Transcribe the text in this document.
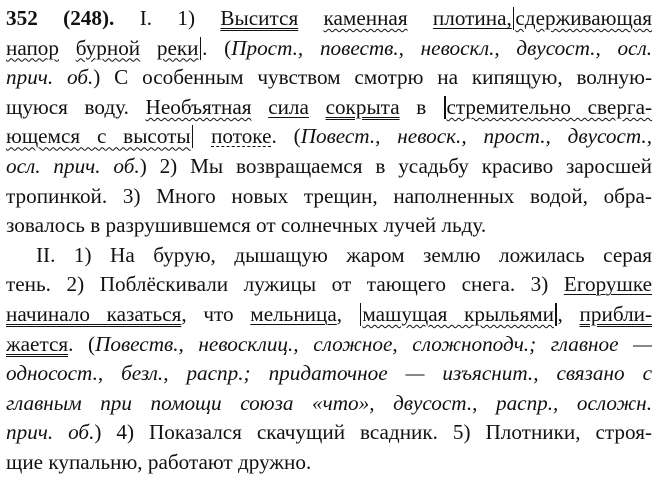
352 (248). I. 1) Высится каменная плотина, сдерживающая
напор бурной реки . (Прост., повеств., невоскл., двусост., осл.
прич. об.) С особенным чувством смотрю на кипящую, волную-
щуюся воду. Необъятная сила сокрыта в стремительно сверга-
ющемся с высоты потоке. (Повест., невоск., прост., двусост.,
осл. прич. об.) 2) Мы возвращаемся в усадьбу красиво заросшей
тропинкой. 3) Много новых трещин, наполненных водой, обра-
зовалось в разрушившемся от солнечных лучей льду.
II. 1) На бурую, дышащую жаром землю ложилась серая
тень. 2) Поблёскивали лужицы от тающего снега. 3) Егорушке
начинало казаться, что мельница, машущая крыльями , прибли-
жается. (Повеств., невосклиц., сложное, сложноподч.; главное —
односост., безл., распр.; придаточное — изъяснит., связано с
главным при помощи союза «что», двусост., распр., осложн.
прич. об.) 4) Показался скачущий всадник. 5) Плотники, строя-
щие купальню, работают дружно.
